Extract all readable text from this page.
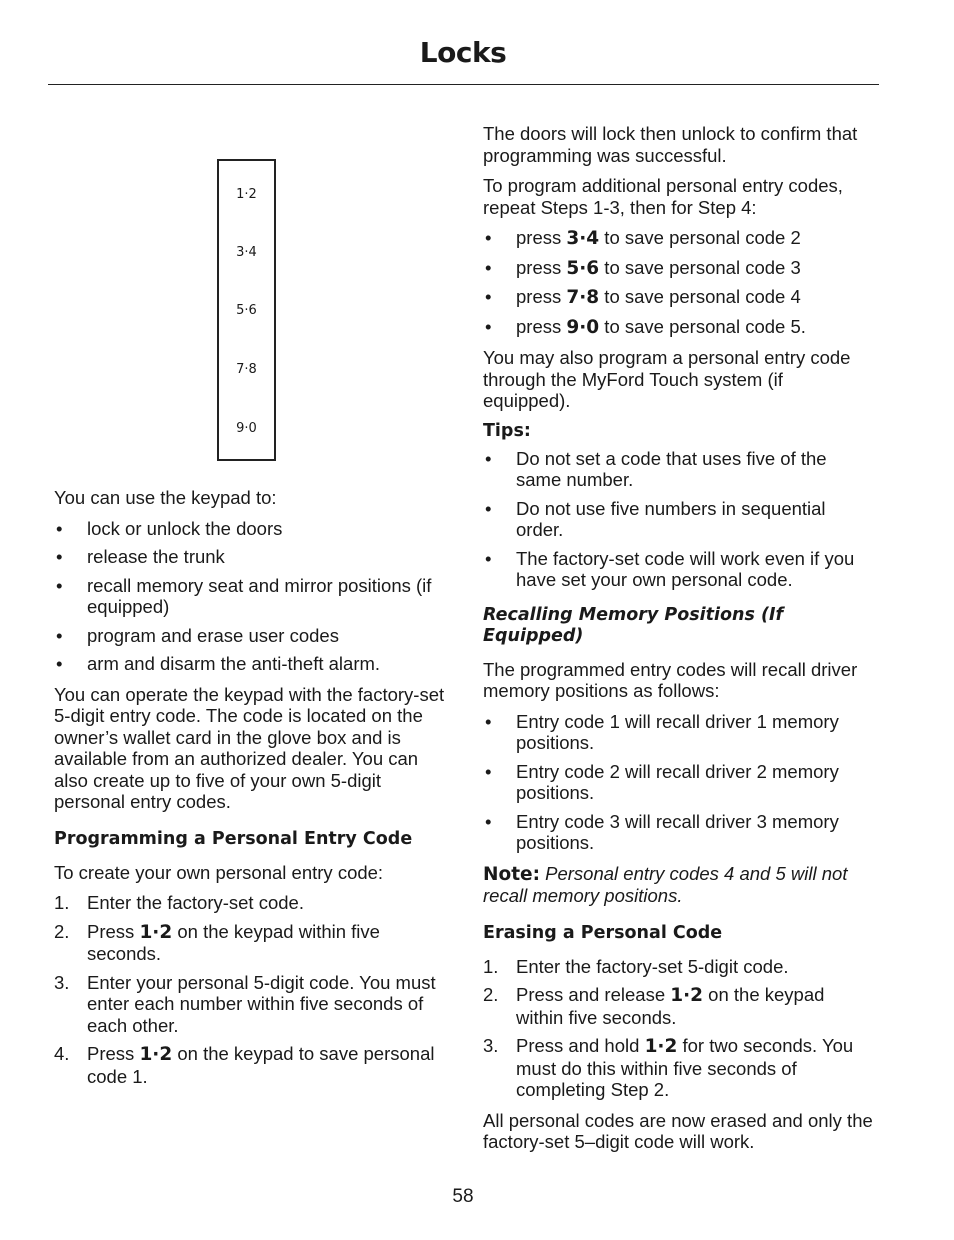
Locks
1·2
3·4
5·6
7·8
9·0

You can use the keypad to:

• lock or unlock the doors
• release the trunk
• recall memory seat and mirror positions (if equipped)
• program and erase user codes
• arm and disarm the anti-theft alarm.

You can operate the keypad with the factory-set 5-digit entry code. The code is located on the owner’s wallet card in the glove box and is available from an authorized dealer. You can also create up to five of your own 5-digit personal entry codes.

Programming a Personal Entry Code

To create your own personal entry code:

1. Enter the factory-set code.
2. Press 1·2 on the keypad within five seconds.
3. Enter your personal 5-digit code. You must enter each number within five seconds of each other.
4. Press 1·2 on the keypad to save personal code 1.

The doors will lock then unlock to confirm that programming was successful.

To program additional personal entry codes, repeat Steps 1-3, then for Step 4:

• press 3·4 to save personal code 2
• press 5·6 to save personal code 3
• press 7·8 to save personal code 4
• press 9·0 to save personal code 5.

You may also program a personal entry code through the MyFord Touch system (if equipped).

Tips:
• Do not set a code that uses five of the same number.
• Do not use five numbers in sequential order.
• The factory-set code will work even if you have set your own personal code.
Recalling Memory Positions (If Equipped)

The programmed entry codes will recall driver memory positions as follows:

• Entry code 1 will recall driver 1 memory positions.
• Entry code 2 will recall driver 2 memory positions.
• Entry code 3 will recall driver 3 memory positions.

Note: Personal entry codes 4 and 5 will not recall memory positions.

Erasing a Personal Code
1. Enter the factory-set 5-digit code.
2. Press and release 1·2 on the keypad within five seconds.
3. Press and hold 1·2 for two seconds. You must do this within five seconds of completing Step 2.

All personal codes are now erased and only the factory-set 5–digit code will work.

58
